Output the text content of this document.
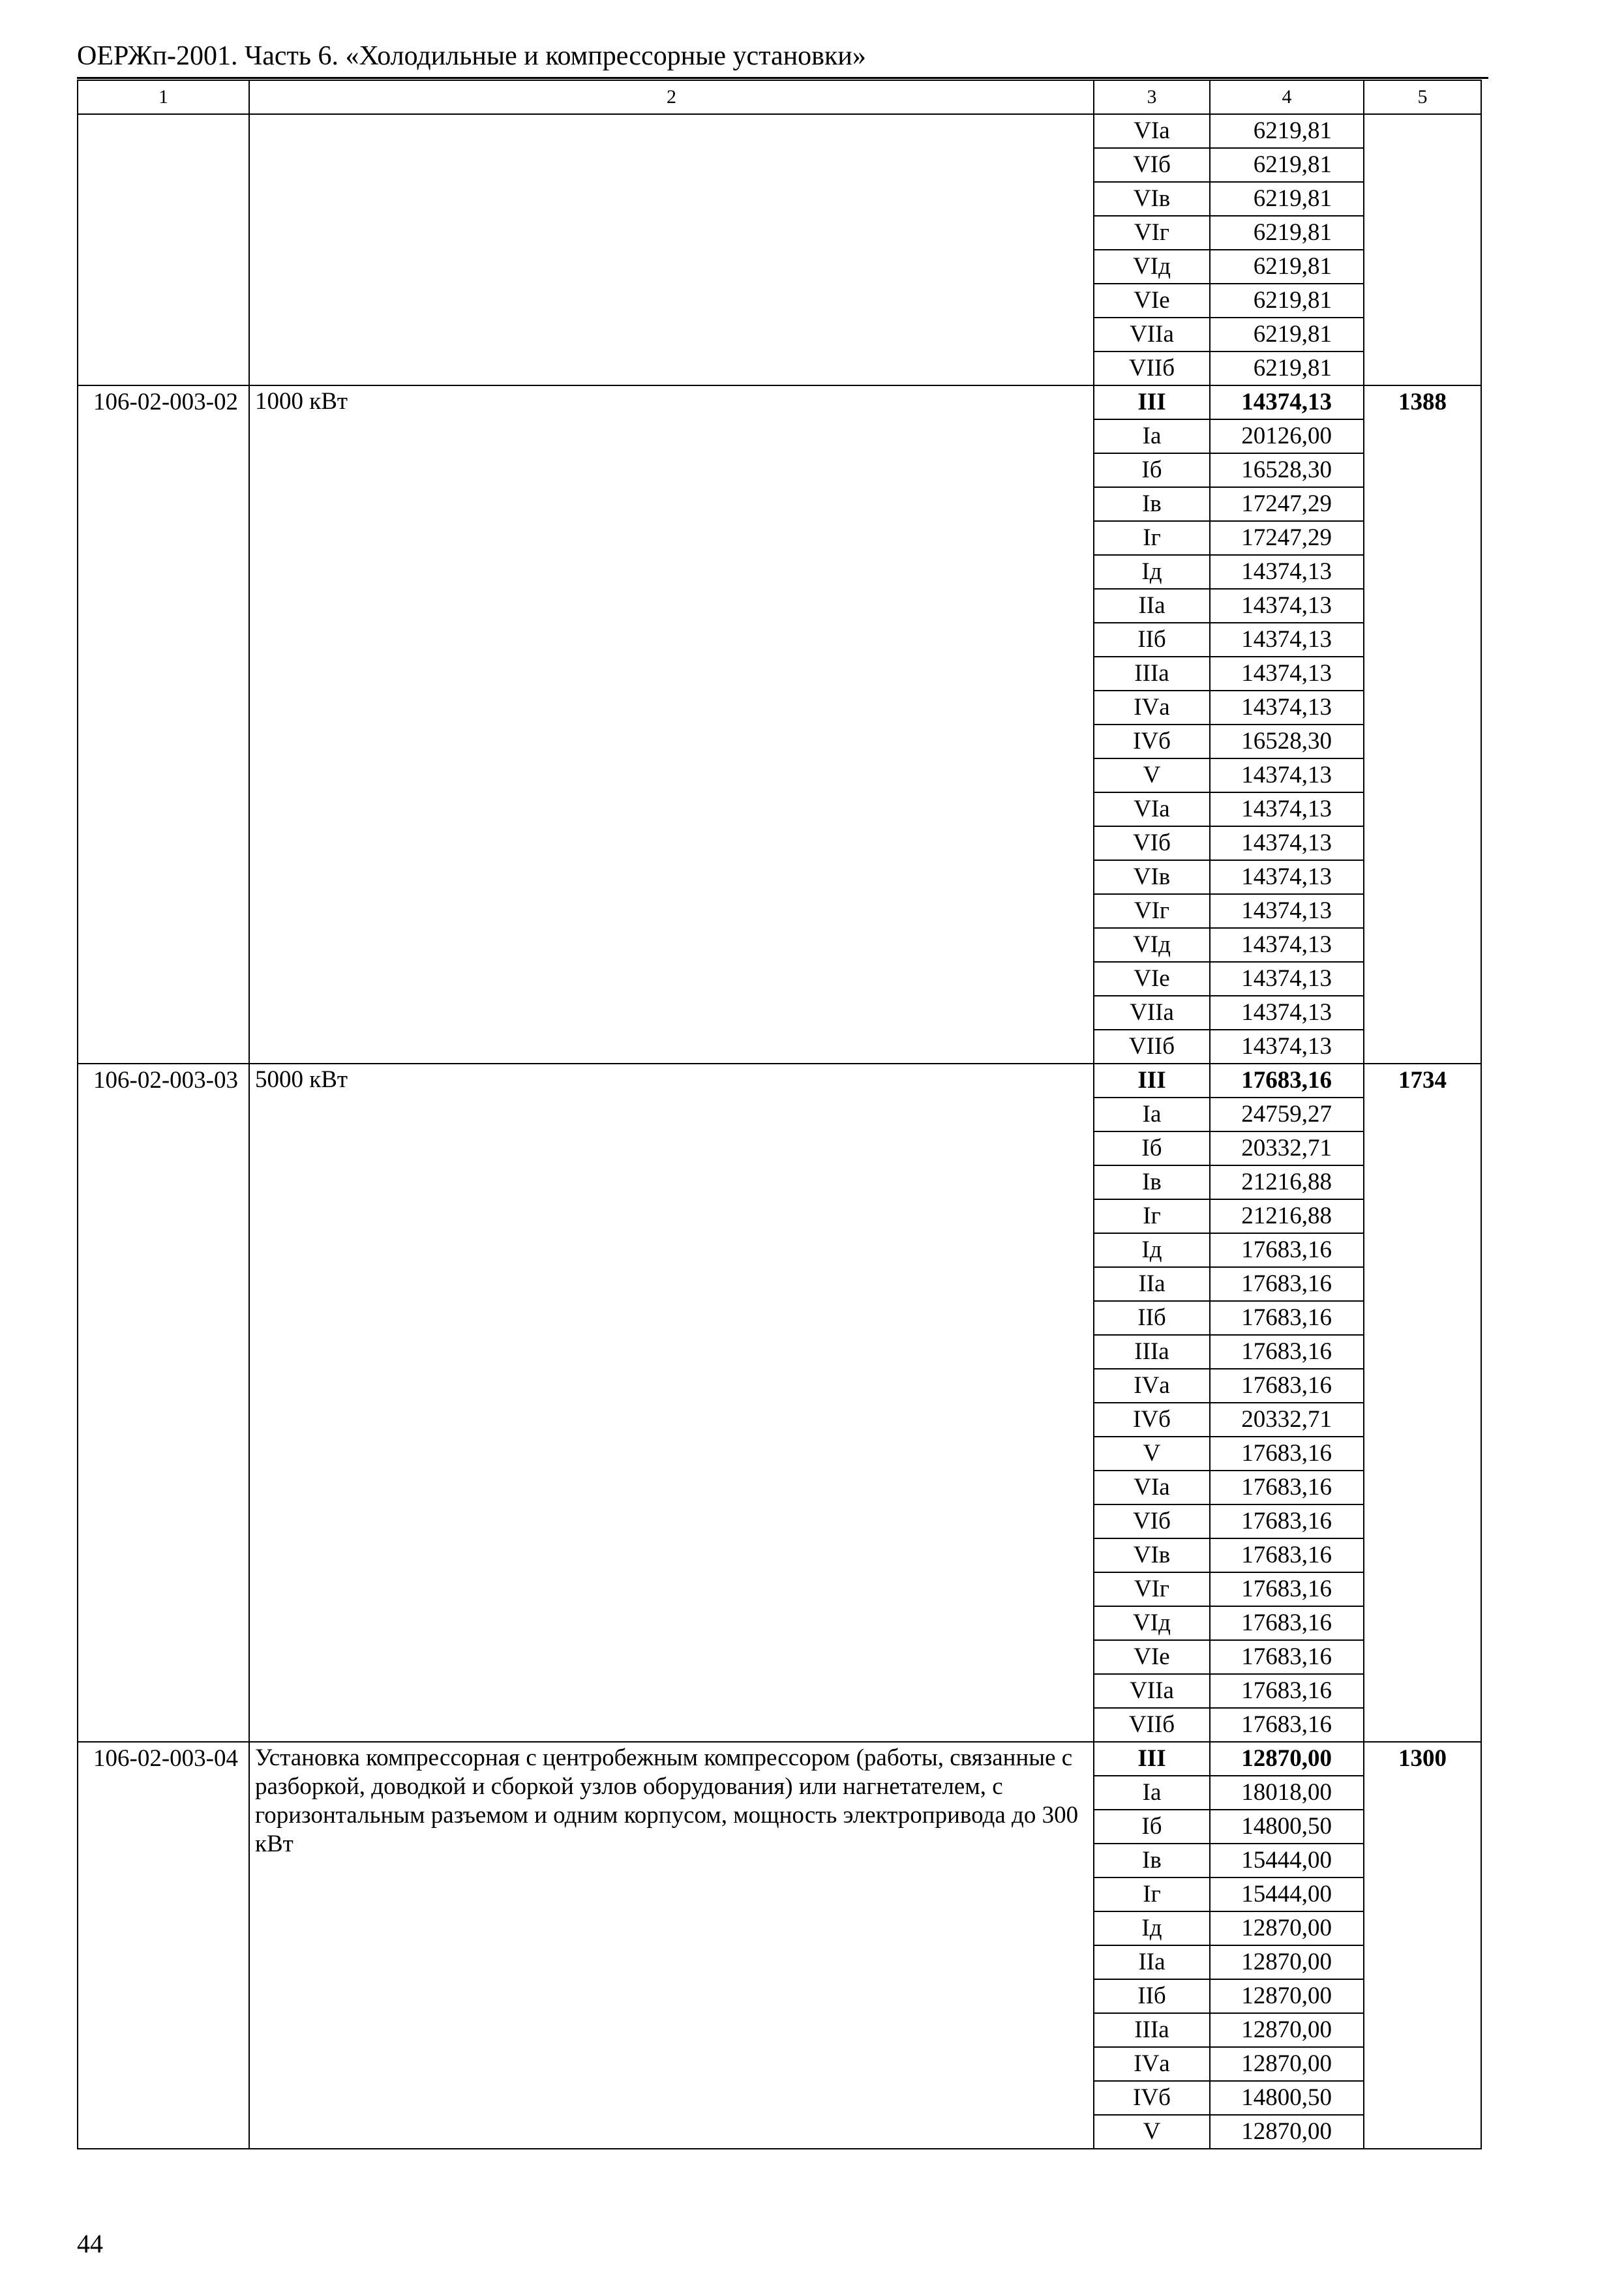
ОЕРЖп-2001. Часть 6. «Холодильные и компрессорные установки»
1	2	3	4	5
		VIа	6219,81	
		VIб	6219,81	
		VIв	6219,81	
		VIг	6219,81	
		VIд	6219,81	
		VIе	6219,81	
		VIIа	6219,81	
		VIIб	6219,81	
106-02-003-02	1000 кВт	III	14374,13	1388
		Iа	20126,00	
		Iб	16528,30	
		Iв	17247,29	
		Iг	17247,29	
		Iд	14374,13	
		IIа	14374,13	
		IIб	14374,13	
		IIIа	14374,13	
		IVа	14374,13	
		IVб	16528,30	
		V	14374,13	
		VIа	14374,13	
		VIб	14374,13	
		VIв	14374,13	
		VIг	14374,13	
		VIд	14374,13	
		VIе	14374,13	
		VIIа	14374,13	
		VIIб	14374,13	
106-02-003-03	5000 кВт	III	17683,16	1734
		Iа	24759,27	
		Iб	20332,71	
		Iв	21216,88	
		Iг	21216,88	
		Iд	17683,16	
		IIа	17683,16	
		IIб	17683,16	
		IIIа	17683,16	
		IVа	17683,16	
		IVб	20332,71	
		V	17683,16	
		VIа	17683,16	
		VIб	17683,16	
		VIв	17683,16	
		VIг	17683,16	
		VIд	17683,16	
		VIе	17683,16	
		VIIа	17683,16	
		VIIб	17683,16	
106-02-003-04	Установка компрессорная с центробежным компрессором (работы, связанные с разборкой, доводкой и сборкой узлов оборудования) или нагнетателем, с горизонтальным разъемом и одним корпусом, мощность электропривода до 300 кВт	III	12870,00	1300
		Iа	18018,00	
		Iб	14800,50	
		Iв	15444,00	
		Iг	15444,00	
		Iд	12870,00	
		IIа	12870,00	
		IIб	12870,00	
		IIIа	12870,00	
		IVа	12870,00	
		IVб	14800,50	
		V	12870,00	
44
